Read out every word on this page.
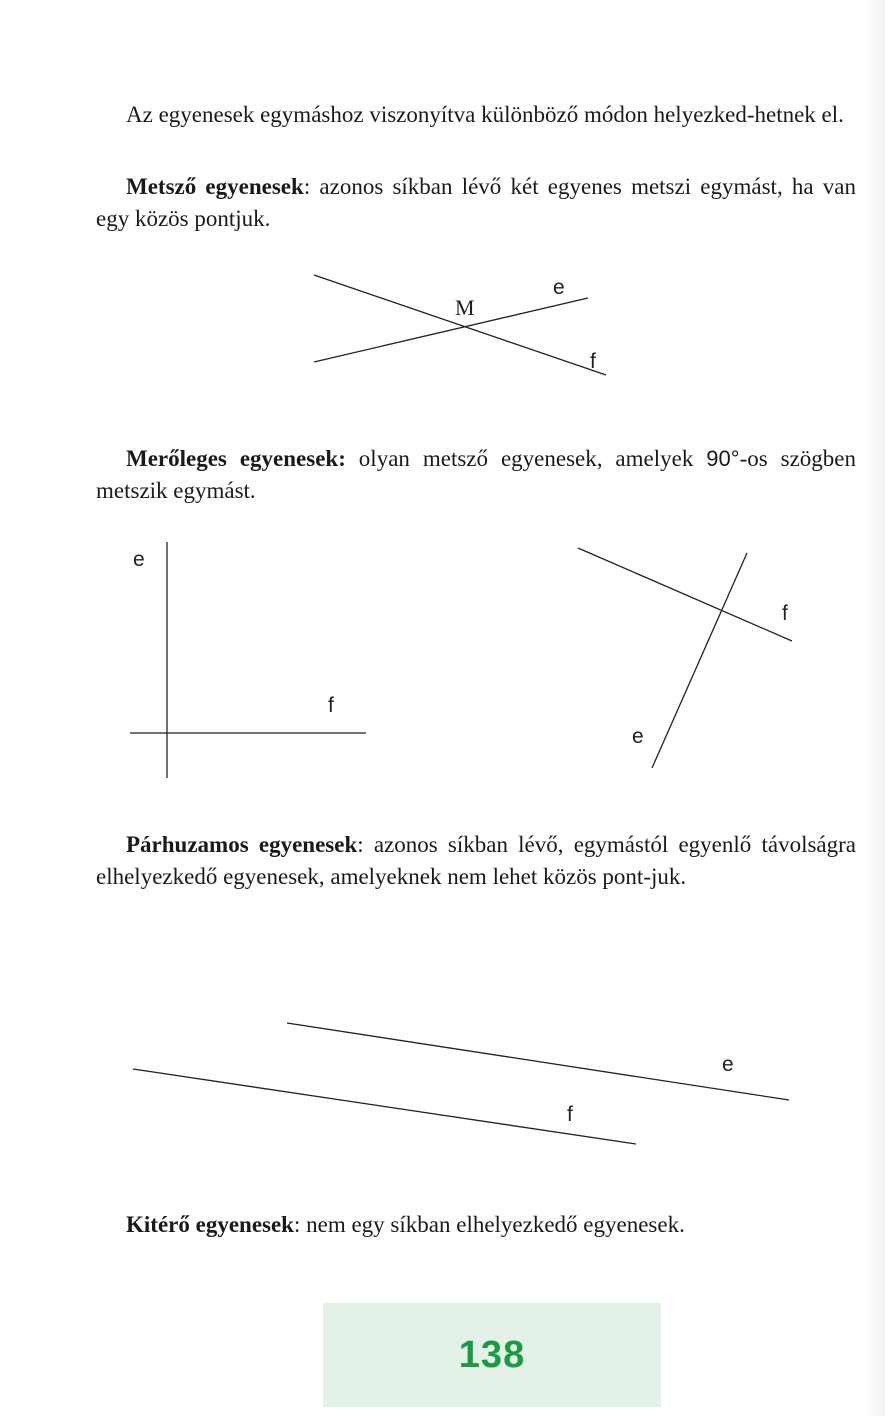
Az egyenesek egymáshoz viszonyítva különböző módon helyezked-hetnek el.

Metsző egyenesek: azonos síkban lévő két egyenes metszi egymást, ha van egy közös pontjuk.

M
e
f

Merőleges egyenesek: olyan metsző egyenesek, amelyek 90°-os szögben metszik egymást.

e
f
f
e

Párhuzamos egyenesek: azonos síkban lévő, egymástól egyenlő távolságra elhelyezkedő egyenesek, amelyeknek nem lehet közös pont-juk.

e
f

Kitérő egyenesek: nem egy síkban elhelyezkedő egyenesek.

138
